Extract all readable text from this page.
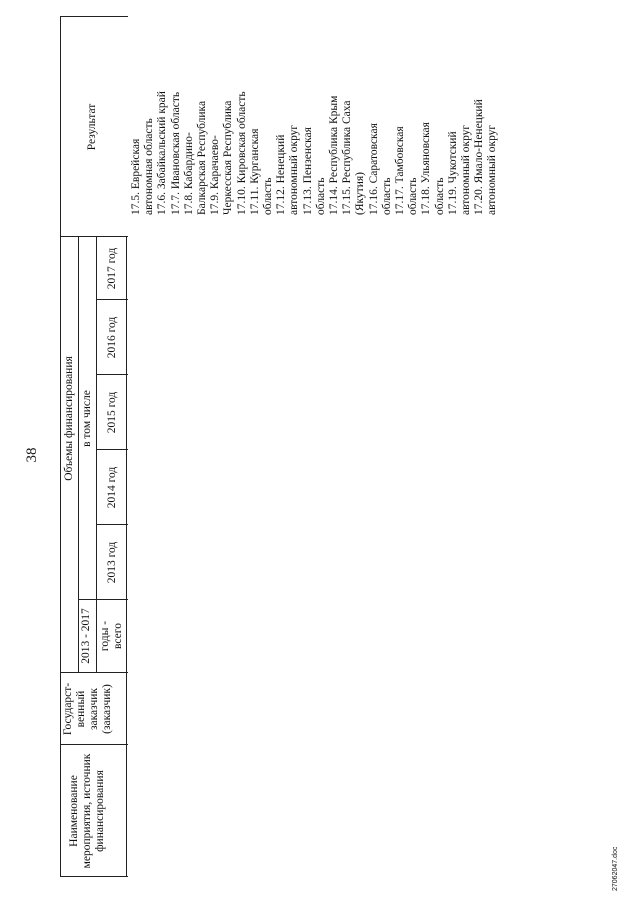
38
Наименование мероприятия, источник финансирования
Государст- венный заказчик (заказчик)
Объемы финансирования
2013 - 2017 годы - всего
в том числе
2013 год
2014 год
2015 год
2016 год
2017 год
Результат
17.5. Еврейская автономная область 17.6. Забайкальский край 17.7. Ивановская область 17.8. Кабардино- Балкарская Республика 17.9. Карачаево- Черкесская Республика 17.10. Кировская область 17.11. Курганская область 17.12. Ненецкий автономный округ 17.13. Пензенская область 17.14. Республика Крым 17.15. Республика Саха (Якутия) 17.16. Саратовская область 17.17. Тамбовская область 17.18. Ульяновская область 17.19. Чукотский автономный округ 17.20. Ямало-Ненецкий автономный округ
27062047.doc
